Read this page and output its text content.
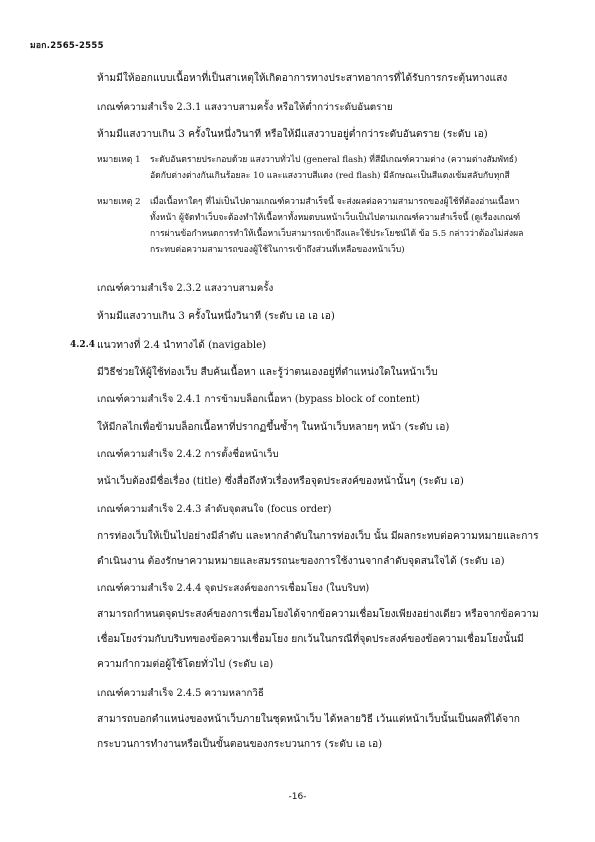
มอก.2565-2555
ห้ามมีให้ออกแบบเนื้อหาที่เป็นสาเหตุให้เกิดอาการทางประสาทอาการที่ได้รับการกระตุ้นทางแสง
เกณฑ์ความสำเร็จ 2.3.1 แสงวาบสามครั้ง หรือให้ต่ำกว่าระดับอันตราย
ห้ามมีแสงวาบเกิน 3 ครั้งในหนึ่งวินาที หรือให้มีแสงวาบอยู่ต่ำกว่าระดับอันตราย (ระดับ เอ)
หมายเหตุ 1 ระดับอันตรายประกอบด้วย แสงวาบทั่วไป (general flash) ที่สีมีเกณฑ์ความต่าง (ความต่างสัมพัทธ์)
อัดกับต่างต่างกันเกินร้อยละ 10 และแสงวาบสีแดง (red flash) มีลักษณะเป็นสีแดงเข้มสลับกับทุกสี
หมายเหตุ 2 เมื่อเนื้อหาใดๆ ที่ไม่เป็นไปตามเกณฑ์ความสำเร็จนี้ จะส่งผลต่อความสามารถของผู้ใช้ที่ต้องอ่านเนื้อหา
ทั้งหน้า ผู้จัดทำเว็บจะต้องทำให้เนื้อหาทั้งหมดบนหน้าเว็บเป็นไปตามเกณฑ์ความสำเร็จนี้ (ดูเรื่องเกณฑ์
การผ่านข้อกำหนดการทำให้เนื้อหาเว็บสามารถเข้าถึงและใช้ประโยชน์ได้ ข้อ 5.5 กล่าวว่าต้องไม่ส่งผล
กระทบต่อความสามารถของผู้ใช้ในการเข้าถึงส่วนที่เหลือของหน้าเว็บ)
เกณฑ์ความสำเร็จ 2.3.2 แสงวาบสามครั้ง
ห้ามมีแสงวาบเกิน 3 ครั้งในหนึ่งวินาที (ระดับ เอ เอ เอ)
4.2.4 แนวทางที่ 2.4 นำทางได้ (navigable)
มีวิธีช่วยให้ผู้ใช้ท่องเว็บ สืบค้นเนื้อหา และรู้ว่าตนเองอยู่ที่ตำแหน่งใดในหน้าเว็บ
เกณฑ์ความสำเร็จ 2.4.1 การข้ามบล็อกเนื้อหา (bypass block of content)
ให้มีกลไกเพื่อข้ามบล็อกเนื้อหาที่ปรากฏขึ้นซ้ำๆ ในหน้าเว็บหลายๆ หน้า (ระดับ เอ)
เกณฑ์ความสำเร็จ 2.4.2 การตั้งชื่อหน้าเว็บ
หน้าเว็บต้องมีชื่อเรื่อง (title) ซึ่งสื่อถึงหัวเรื่องหรือจุดประสงค์ของหน้านั้นๆ (ระดับ เอ)
เกณฑ์ความสำเร็จ 2.4.3 ลำดับจุดสนใจ (focus order)
การท่องเว็บให้เป็นไปอย่างมีลำดับ และหากลำดับในการท่องเว็บ นั้น มีผลกระทบต่อความหมายและการ
ดำเนินงาน ต้องรักษาความหมายและสมรรถนะของการใช้งานจากลำดับจุดสนใจได้ (ระดับ เอ)
เกณฑ์ความสำเร็จ 2.4.4 จุดประสงค์ของการเชื่อมโยง (ในบริบท)
สามารถกำหนดจุดประสงค์ของการเชื่อมโยงได้จากข้อความเชื่อมโยงเพียงอย่างเดียว หรือจากข้อความ
เชื่อมโยงร่วมกับบริบทของข้อความเชื่อมโยง ยกเว้นในกรณีที่จุดประสงค์ของข้อความเชื่อมโยงนั้นมี
ความกำกวมต่อผู้ใช้โดยทั่วไป (ระดับ เอ)
เกณฑ์ความสำเร็จ 2.4.5 ความหลากวิธี
สามารถบอกตำแหน่งของหน้าเว็บภายในชุดหน้าเว็บ ได้หลายวิธี เว้นแต่หน้าเว็บนั้นเป็นผลที่ได้จาก
กระบวนการทำงานหรือเป็นขั้นตอนของกระบวนการ (ระดับ เอ เอ)
-16-
